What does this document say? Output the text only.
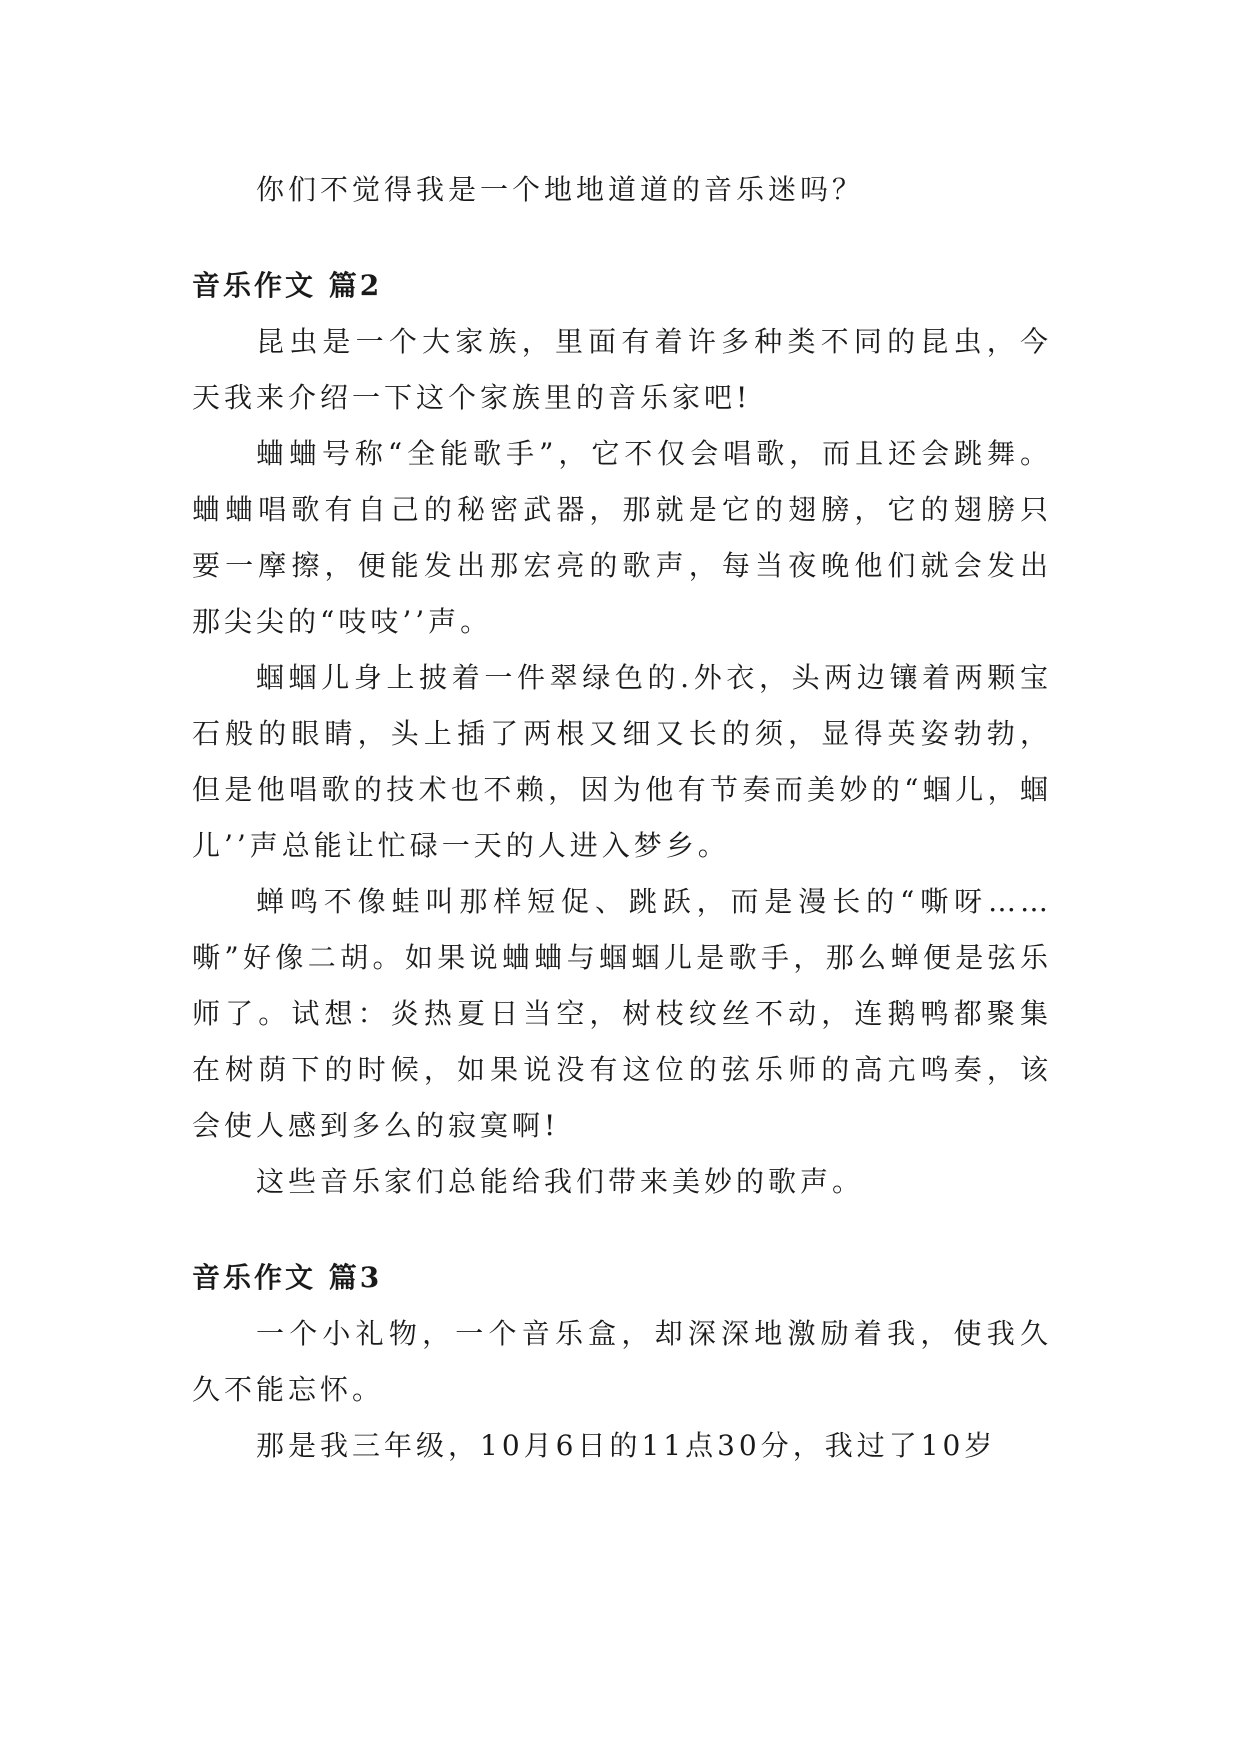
你们不觉得我是一个地地道道的音乐迷吗？

音乐作文 篇2

昆虫是一个大家族，里面有着许多种类不同的昆虫，今天我来介绍一下这个家族里的音乐家吧!

蛐蛐号称“全能歌手”，它不仅会唱歌，而且还会跳舞。蛐蛐唱歌有自己的秘密武器，那就是它的翅膀，它的翅膀只要一摩擦，便能发出那宏亮的歌声，每当夜晚他们就会发出那尖尖的“吱吱’’声。

蝈蝈儿身上披着一件翠绿色的.外衣，头两边镶着两颗宝石般的眼睛，头上插了两根又细又长的须，显得英姿勃勃，但是他唱歌的技术也不赖，因为他有节奏而美妙的“蝈儿，蝈儿’’声总能让忙碌一天的人进入梦乡。

蝉鸣不像蛙叫那样短促、跳跃，而是漫长的“嘶呀……嘶”好像二胡。如果说蛐蛐与蝈蝈儿是歌手，那么蝉便是弦乐师了。试想：炎热夏日当空，树枝纹丝不动，连鹅鸭都聚集在树荫下的时候，如果说没有这位的弦乐师的高亢鸣奏，该会使人感到多么的寂寞啊!

这些音乐家们总能给我们带来美妙的歌声。

音乐作文 篇3

一个小礼物，一个音乐盒，却深深地激励着我，使我久久不能忘怀。

那是我三年级，10月6日的11点30分，我过了10岁
